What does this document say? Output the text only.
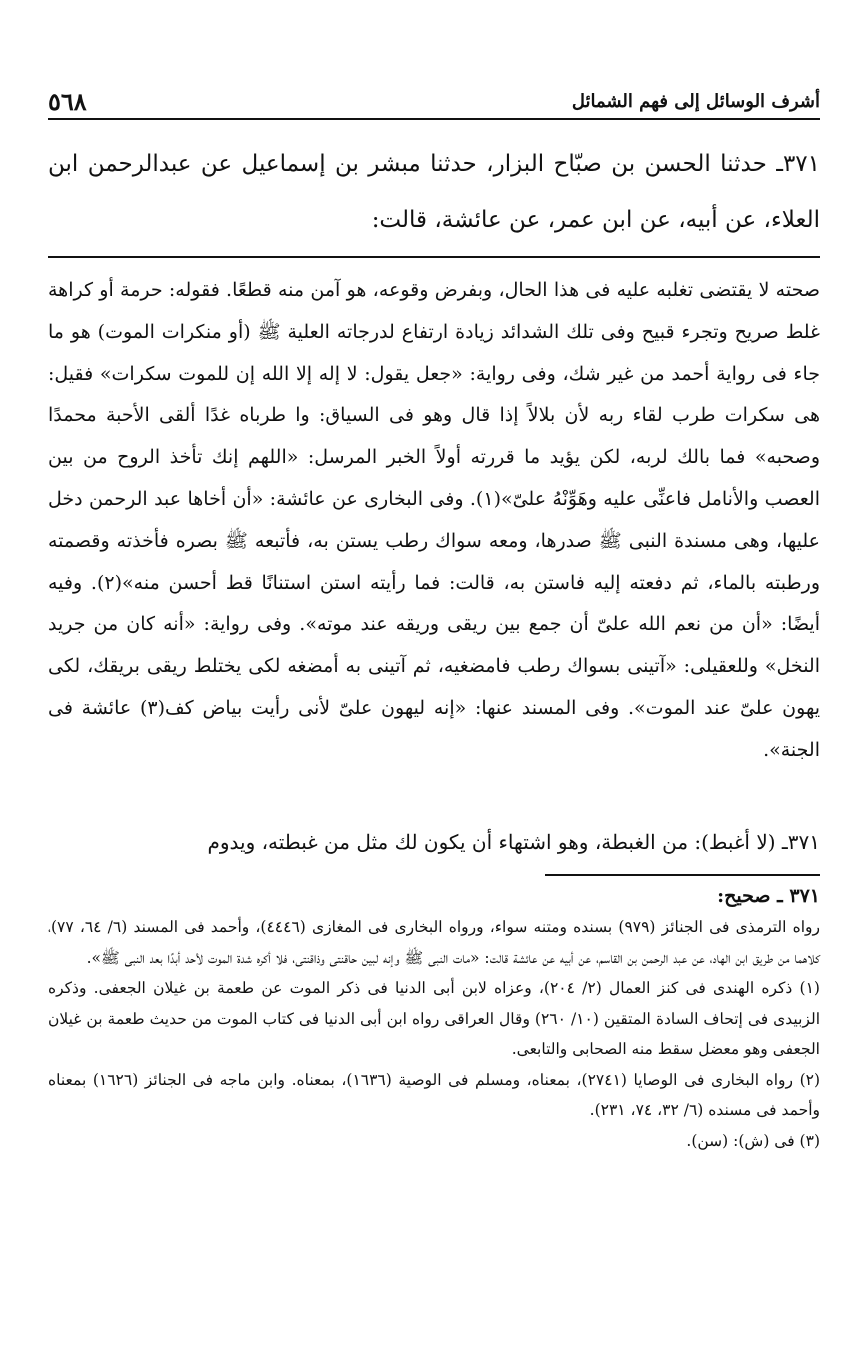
أشرف الوسائل إلى فهم الشمائل
٥٦٨

٣٧١ـ حدثنا الحسن بن صبّاح البزار، حدثنا مبشر بن إسماعيل عن عبدالرحمن ابن العلاء، عن أبيه، عن ابن عمر، عن عائشة، قالت:

صحته لا يقتضى تغلبه عليه فى هذا الحال، وبفرض وقوعه، هو آمن منه قطعًا. فقوله: حرمة أو كراهة غلط صريح وتجرء قبيح وفى تلك الشدائد زيادة ارتفاع لدرجاته العلية ﷺ (أو منكرات الموت) هو ما جاء فى رواية أحمد من غير شك، وفى رواية: «جعل يقول: لا إله إلا الله إن للموت سكرات» فقيل: هى سكرات طرب لقاء ربه لأن بلالاً إذا قال وهو فى السياق: وا طرباه غدًا ألقى الأحبة محمدًا وصحبه» فما بالك لربه، لكن يؤيد ما قررته أولاً الخبر المرسل: «اللهم إنك تأخذ الروح من بين العصب والأنامل فاعنِّى عليه وهَوِّنْهُ علىّ»(١). وفى البخارى عن عائشة: «أن أخاها عبد الرحمن دخل عليها، وهى مسندة النبى ﷺ صدرها، ومعه سواك رطب يستن به، فأتبعه ﷺ بصره فأخذته وقصمته ورطبته بالماء، ثم دفعته إليه فاستن به، قالت: فما رأيته استن استنانًا قط أحسن منه»(٢). وفيه أيضًا: «أن من نعم الله علىّ أن جمع بين ريقى وريقه عند موته». وفى رواية: «أنه كان من جريد النخل» وللعقيلى: «آتينى بسواك رطب فامضغيه، ثم آتينى به أمضغه لكى يختلط ريقى بريقك، لكى يهون علىّ عند الموت». وفى المسند عنها: «إنه ليهون علىّ لأنى رأيت بياض كف(٣) عائشة فى الجنة».

٣٧١ـ (لا أغبط): من الغبطة، وهو اشتهاء أن يكون لك مثل من غبطته، ويدوم

٣٧١ ـ صحيح:

رواه الترمذى فى الجنائز (٩٧٩) بسنده ومتنه سواء، ورواه البخارى فى المغازى (٤٤٤٦)، وأحمد فى المسند (٦/ ٦٤، ٧٧)، كلاهما من طريق ابن الهاد، عن عبد الرحمن بن القاسم، عن أبيه عن عائشة قالت: «مات النبى ﷺ وإنه لبين حاقنتى وذاقنتى، فلا أكره شدة الموت لأحد أبدًا بعد النبى ﷺ».

(١) ذكره الهندى فى كنز العمال (٢/ ٢٠٤)، وعزاه لابن أبى الدنيا فى ذكر الموت عن طعمة بن غيلان الجعفى. وذكره الزبيدى فى إتحاف السادة المتقين (١٠/ ٢٦٠) وقال العراقى رواه ابن أبى الدنيا فى كتاب الموت من حديث طعمة بن غيلان الجعفى وهو معضل سقط منه الصحابى والتابعى.

(٢) رواه البخارى فى الوصايا (٢٧٤١)، بمعناه، ومسلم فى الوصية (١٦٣٦)، بمعناه. وابن ماجه فى الجنائز (١٦٢٦) بمعناه وأحمد فى مسنده (٦/ ٣٢، ٧٤، ٢٣١).

(٣) فى (ش): (سن).
